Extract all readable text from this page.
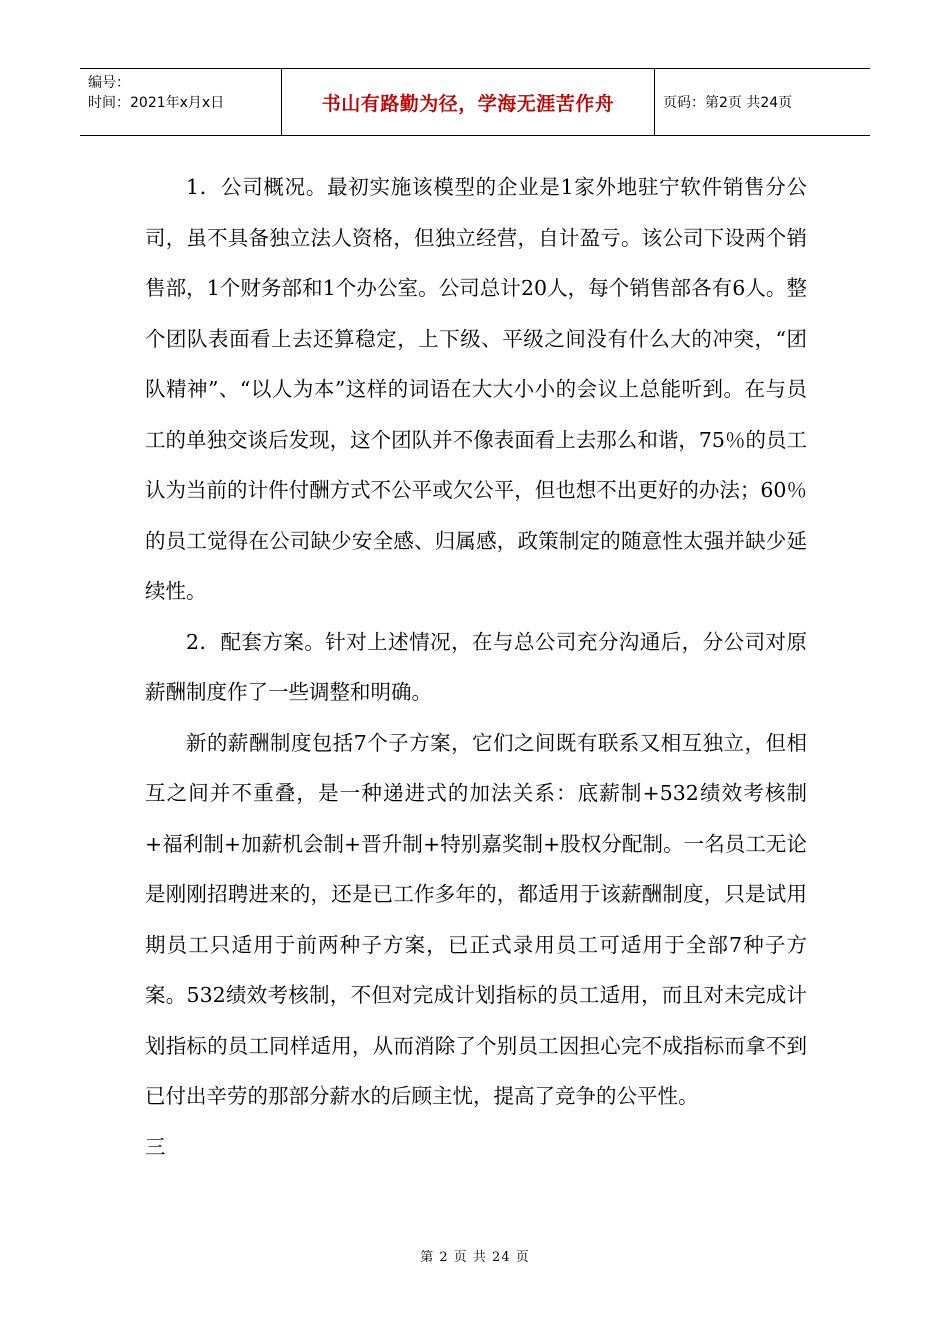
编号：
时间：2021年x月x日	书山有路勤为径，学海无涯苦作舟	页码：第2页 共24页

1．公司概况。最初实施该模型的企业是1家外地驻宁软件销售分公司，虽不具备独立法人资格，但独立经营，自计盈亏。该公司下设两个销售部，1个财务部和1个办公室。公司总计20人，每个销售部各有6人。整个团队表面看上去还算稳定，上下级、平级之间没有什么大的冲突，“团队精神”、“以人为本”这样的词语在大大小小的会议上总能听到。在与员工的单独交谈后发现，这个团队并不像表面看上去那么和谐，75％的员工认为当前的计件付酬方式不公平或欠公平，但也想不出更好的办法；60％的员工觉得在公司缺少安全感、归属感，政策制定的随意性太强并缺少延续性。

2．配套方案。针对上述情况，在与总公司充分沟通后，分公司对原薪酬制度作了一些调整和明确。

新的薪酬制度包括7个子方案，它们之间既有联系又相互独立，但相互之间并不重叠，是一种递进式的加法关系：底薪制+532绩效考核制+福利制+加薪机会制+晋升制+特别嘉奖制+股权分配制。一名员工无论是刚刚招聘进来的，还是已工作多年的，都适用于该薪酬制度，只是试用期员工只适用于前两种子方案，已正式录用员工可适用于全部7种子方案。532绩效考核制，不但对完成计划指标的员工适用，而且对未完成计划指标的员工同样适用，从而消除了个别员工因担心完不成指标而拿不到已付出辛劳的那部分薪水的后顾主忧，提高了竞争的公平性。

三

第 2 页 共 24 页
